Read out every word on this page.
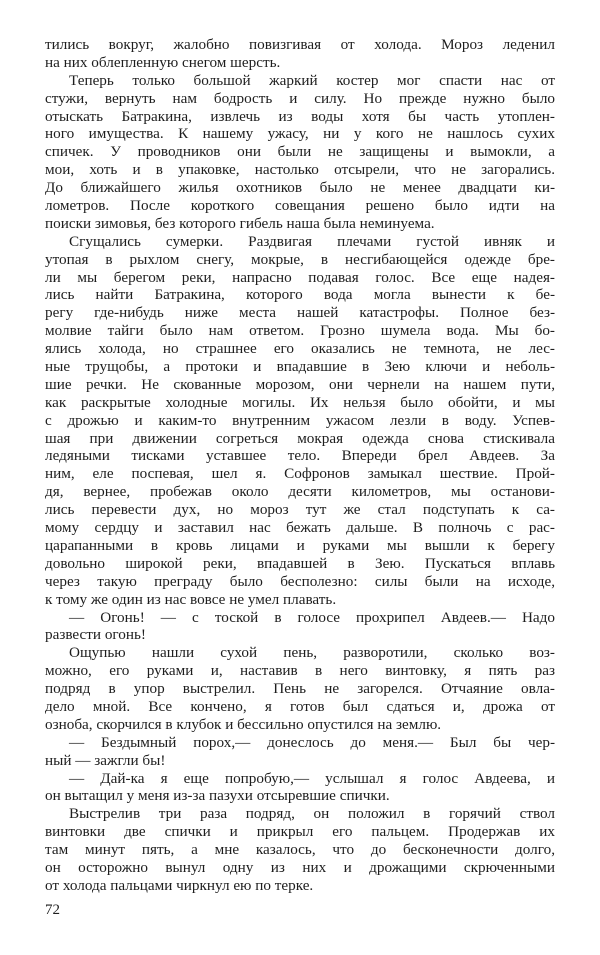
тились вокруг, жалобно повизгивая от холода. Мороз леденил
на них облепленную снегом шерсть.
Теперь только большой жаркий костер мог спасти нас от
стужи, вернуть нам бодрость и силу. Но прежде нужно было
отыскать Батракина, извлечь из воды хотя бы часть утоплен-
ного имущества. К нашему ужасу, ни у кого не нашлось сухих
спичек. У проводников они были не защищены и вымокли, а
мои, хоть и в упаковке, настолько отсырели, что не загорались.
До ближайшего жилья охотников было не менее двадцати ки-
лометров. После короткого совещания решено было идти на
поиски зимовья, без которого гибель наша была неминуема.
Сгущались сумерки. Раздвигая плечами густой ивняк и
утопая в рыхлом снегу, мокрые, в несгибающейся одежде бре-
ли мы берегом реки, напрасно подавая голос. Все еще надея-
лись найти Батракина, которого вода могла вынести к бе-
регу где-нибудь ниже места нашей катастрофы. Полное без-
молвие тайги было нам ответом. Грозно шумела вода. Мы бо-
ялись холода, но страшнее его оказались не темнота, не лес-
ные трущобы, а протоки и впадавшие в Зею ключи и неболь-
шие речки. Не скованные морозом, они чернели на нашем пути,
как раскрытые холодные могилы. Их нельзя было обойти, и мы
с дрожью и каким-то внутренним ужасом лезли в воду. Успев-
шая при движении согреться мокрая одежда снова стискивала
ледяными тисками уставшее тело. Впереди брел Авдеев. За
ним, еле поспевая, шел я. Софронов замыкал шествие. Прой-
дя, вернее, пробежав около десяти километров, мы останови-
лись перевести дух, но мороз тут же стал подступать к са-
мому сердцу и заставил нас бежать дальше. В полночь с рас-
царапанными в кровь лицами и руками мы вышли к берегу
довольно широкой реки, впадавшей в Зею. Пускаться вплавь
через такую преграду было бесполезно: силы были на исходе,
к тому же один из нас вовсе не умел плавать.
— Огонь! — с тоской в голосе прохрипел Авдеев.— Надо
развести огонь!
Ощупью нашли сухой пень, разворотили, сколько воз-
можно, его руками и, наставив в него винтовку, я пять раз
подряд в упор выстрелил. Пень не загорелся. Отчаяние овла-
дело мной. Все кончено, я готов был сдаться и, дрожа от
озноба, скорчился в клубок и бессильно опустился на землю.
— Бездымный порох,— донеслось до меня.— Был бы чер-
ный — зажгли бы!
— Дай-ка я еще попробую,— услышал я голос Авдеева, и
он вытащил у меня из-за пазухи отсыревшие спички.
Выстрелив три раза подряд, он положил в горячий ствол
винтовки две спички и прикрыл его пальцем. Продержав их
там минут пять, а мне казалось, что до бесконечности долго,
он осторожно вынул одну из них и дрожащими скрюченными
от холода пальцами чиркнул ею по терке.
72
